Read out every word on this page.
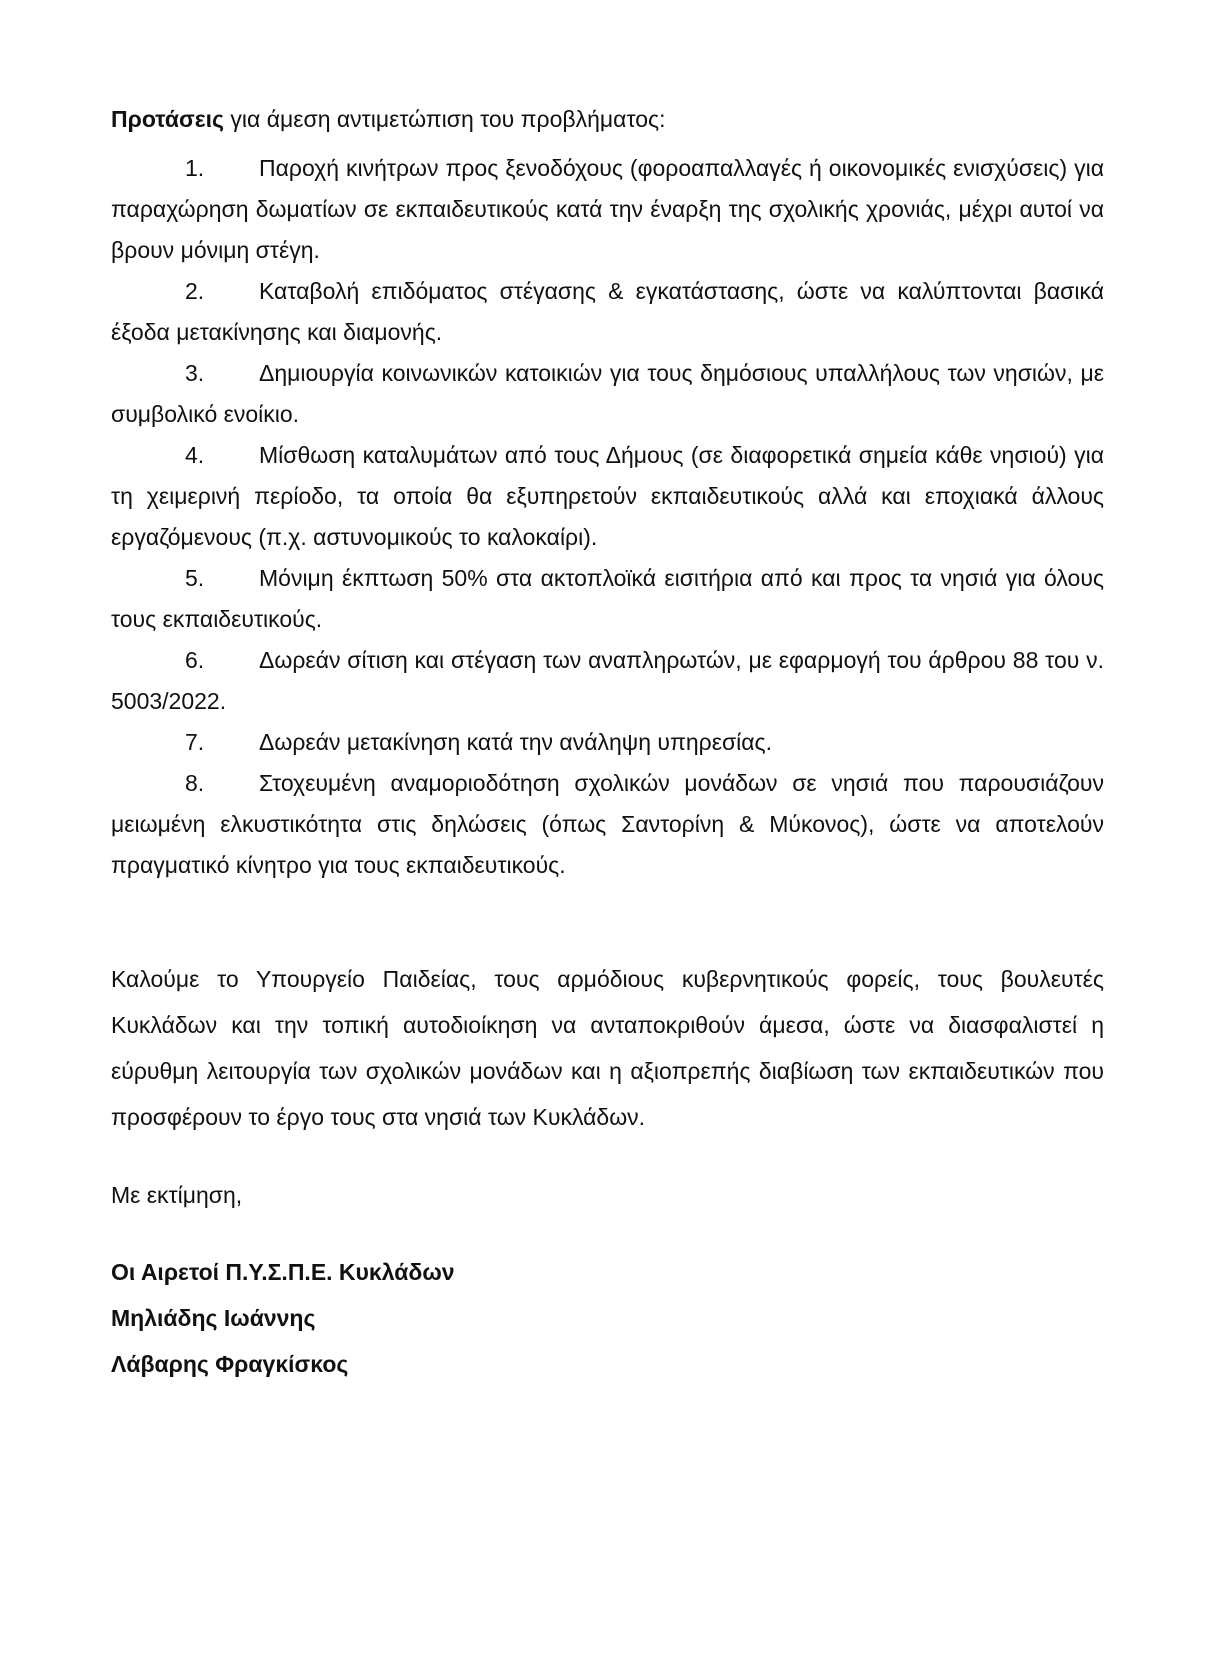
Προτάσεις για άμεση αντιμετώπιση του προβλήματος:

1. Παροχή κινήτρων προς ξενοδόχους (φοροαπαλλαγές ή οικονομικές ενισχύσεις) για παραχώρηση δωματίων σε εκπαιδευτικούς κατά την έναρξη της σχολικής χρονιάς, μέχρι αυτοί να βρουν μόνιμη στέγη.

2. Καταβολή επιδόματος στέγασης & εγκατάστασης, ώστε να καλύπτονται βασικά έξοδα μετακίνησης και διαμονής.

3. Δημιουργία κοινωνικών κατοικιών για τους δημόσιους υπαλλήλους των νησιών, με συμβολικό ενοίκιο.

4. Μίσθωση καταλυμάτων από τους Δήμους (σε διαφορετικά σημεία κάθε νησιού) για τη χειμερινή περίοδο, τα οποία θα εξυπηρετούν εκπαιδευτικούς αλλά και εποχιακά άλλους εργαζόμενους (π.χ. αστυνομικούς το καλοκαίρι).

5. Μόνιμη έκπτωση 50% στα ακτοπλοϊκά εισιτήρια από και προς τα νησιά για όλους τους εκπαιδευτικούς.

6. Δωρεάν σίτιση και στέγαση των αναπληρωτών, με εφαρμογή του άρθρου 88 του ν. 5003/2022.

7. Δωρεάν μετακίνηση κατά την ανάληψη υπηρεσίας.

8. Στοχευμένη αναμοριοδότηση σχολικών μονάδων σε νησιά που παρουσιάζουν μειωμένη ελκυστικότητα στις δηλώσεις (όπως Σαντορίνη & Μύκονος), ώστε να αποτελούν πραγματικό κίνητρο για τους εκπαιδευτικούς.

Καλούμε το Υπουργείο Παιδείας, τους αρμόδιους κυβερνητικούς φορείς, τους βουλευτές Κυκλάδων και την τοπική αυτοδιοίκηση να ανταποκριθούν άμεσα, ώστε να διασφαλιστεί η εύρυθμη λειτουργία των σχολικών μονάδων και η αξιοπρεπής διαβίωση των εκπαιδευτικών που προσφέρουν το έργο τους στα νησιά των Κυκλάδων.

Με εκτίμηση,

Οι Αιρετοί Π.Υ.Σ.Π.Ε. Κυκλάδων

Μηλιάδης Ιωάννης

Λάβαρης Φραγκίσκος
